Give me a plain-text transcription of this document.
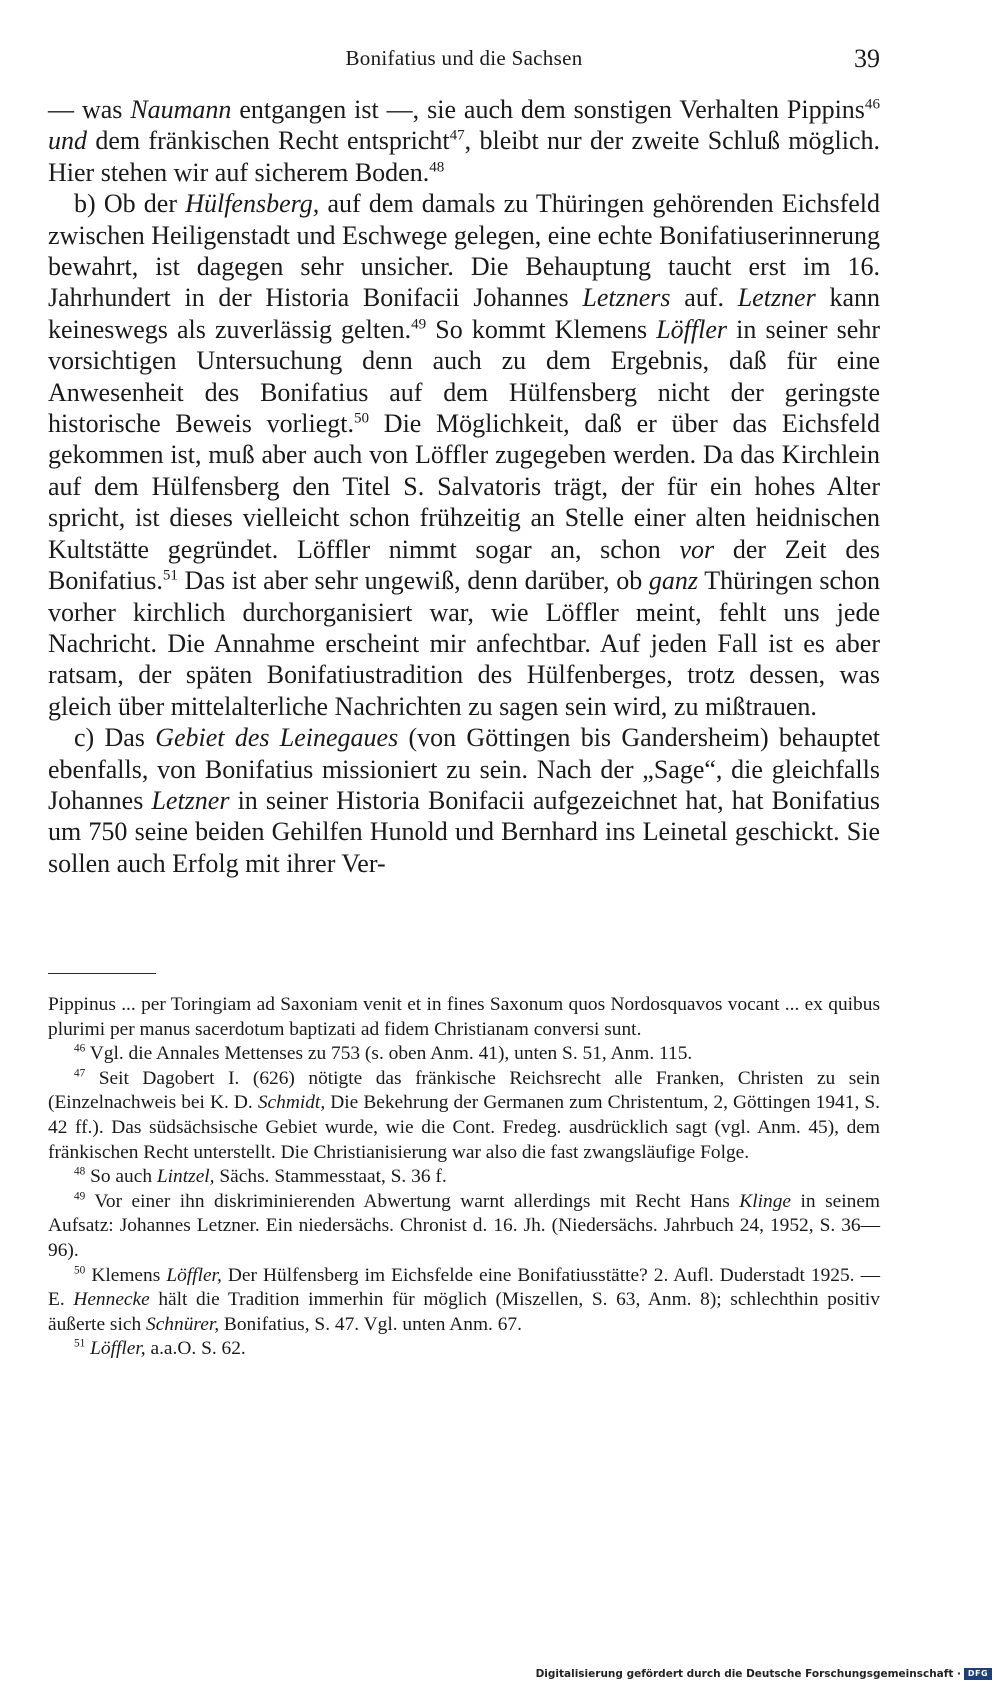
Bonifatius und die Sachsen	39

— was Naumann entgangen ist —, sie auch dem sonstigen Verhalten Pippins$^{46}$ und dem fränkischen Recht entspricht$^{47}$, bleibt nur der zweite Schluß möglich. Hier stehen wir auf sicherem Boden.$^{48}$

b) Ob der Hülfensberg, auf dem damals zu Thüringen gehörenden Eichsfeld zwischen Heiligenstadt und Eschwege gelegen, eine echte Bonifatiuserinnerung bewahrt, ist dagegen sehr unsicher. Die Behauptung taucht erst im 16. Jahrhundert in der Historia Bonifacii Johannes Letzners auf. Letzner kann keineswegs als zuverlässig gelten.$^{49}$ So kommt Klemens Löffler in seiner sehr vorsichtigen Untersuchung denn auch zu dem Ergebnis, daß für eine Anwesenheit des Bonifatius auf dem Hülfensberg nicht der geringste historische Beweis vorliegt.$^{50}$ Die Möglichkeit, daß er über das Eichsfeld gekommen ist, muß aber auch von Löffler zugegeben werden. Da das Kirchlein auf dem Hülfensberg den Titel S. Salvatoris trägt, der für ein hohes Alter spricht, ist dieses vielleicht schon frühzeitig an Stelle einer alten heidnischen Kultstätte gegründet. Löffler nimmt sogar an, schon vor der Zeit des Bonifatius.$^{51}$ Das ist aber sehr ungewiß, denn darüber, ob ganz Thüringen schon vorher kirchlich durchorganisiert war, wie Löffler meint, fehlt uns jede Nachricht. Die Annahme erscheint mir anfechtbar. Auf jeden Fall ist es aber ratsam, der späten Bonifatiustradition des Hülfenberges, trotz dessen, was gleich über mittelalterliche Nachrichten zu sagen sein wird, zu mißtrauen.

c) Das Gebiet des Leinegaues (von Göttingen bis Gandersheim) behauptet ebenfalls, von Bonifatius missioniert zu sein. Nach der „Sage“, die gleichfalls Johannes Letzner in seiner Historia Bonifacii aufgezeichnet hat, hat Bonifatius um 750 seine beiden Gehilfen Hunold und Bernhard ins Leinetal geschickt. Sie sollen auch Erfolg mit ihrer Ver-

Pippinus ... per Toringiam ad Saxoniam venit et in fines Saxonum quos Nordosquavos vocant ... ex quibus plurimi per manus sacerdotum baptizati ad fidem Christianam conversi sunt.

$^{46}$ Vgl. die Annales Mettenses zu 753 (s. oben Anm. 41), unten S. 51, Anm. 115.

$^{47}$ Seit Dagobert I. (626) nötigte das fränkische Reichsrecht alle Franken, Christen zu sein (Einzelnachweis bei K. D. Schmidt, Die Bekehrung der Germanen zum Christentum, 2, Göttingen 1941, S. 42 ff.). Das südsächsische Gebiet wurde, wie die Cont. Fredeg. ausdrücklich sagt (vgl. Anm. 45), dem fränkischen Recht unterstellt. Die Christianisierung war also die fast zwangsläufige Folge.

$^{48}$ So auch Lintzel, Sächs. Stammesstaat, S. 36 f.

$^{49}$ Vor einer ihn diskriminierenden Abwertung warnt allerdings mit Recht Hans Klinge in seinem Aufsatz: Johannes Letzner. Ein niedersächs. Chronist d. 16. Jh. (Niedersächs. Jahrbuch 24, 1952, S. 36—96).

$^{50}$ Klemens Löffler, Der Hülfensberg im Eichsfelde eine Bonifatiusstätte? 2. Aufl. Duderstadt 1925. — E. Hennecke hält die Tradition immerhin für möglich (Miszellen, S. 63, Anm. 8); schlechthin positiv äußerte sich Schnürer, Bonifatius, S. 47. Vgl. unten Anm. 67.

$^{51}$ Löffler, a.a.O. S. 62.

Digitalisierung gefördert durch die Deutsche Forschungsgemeinschaft · DFG
